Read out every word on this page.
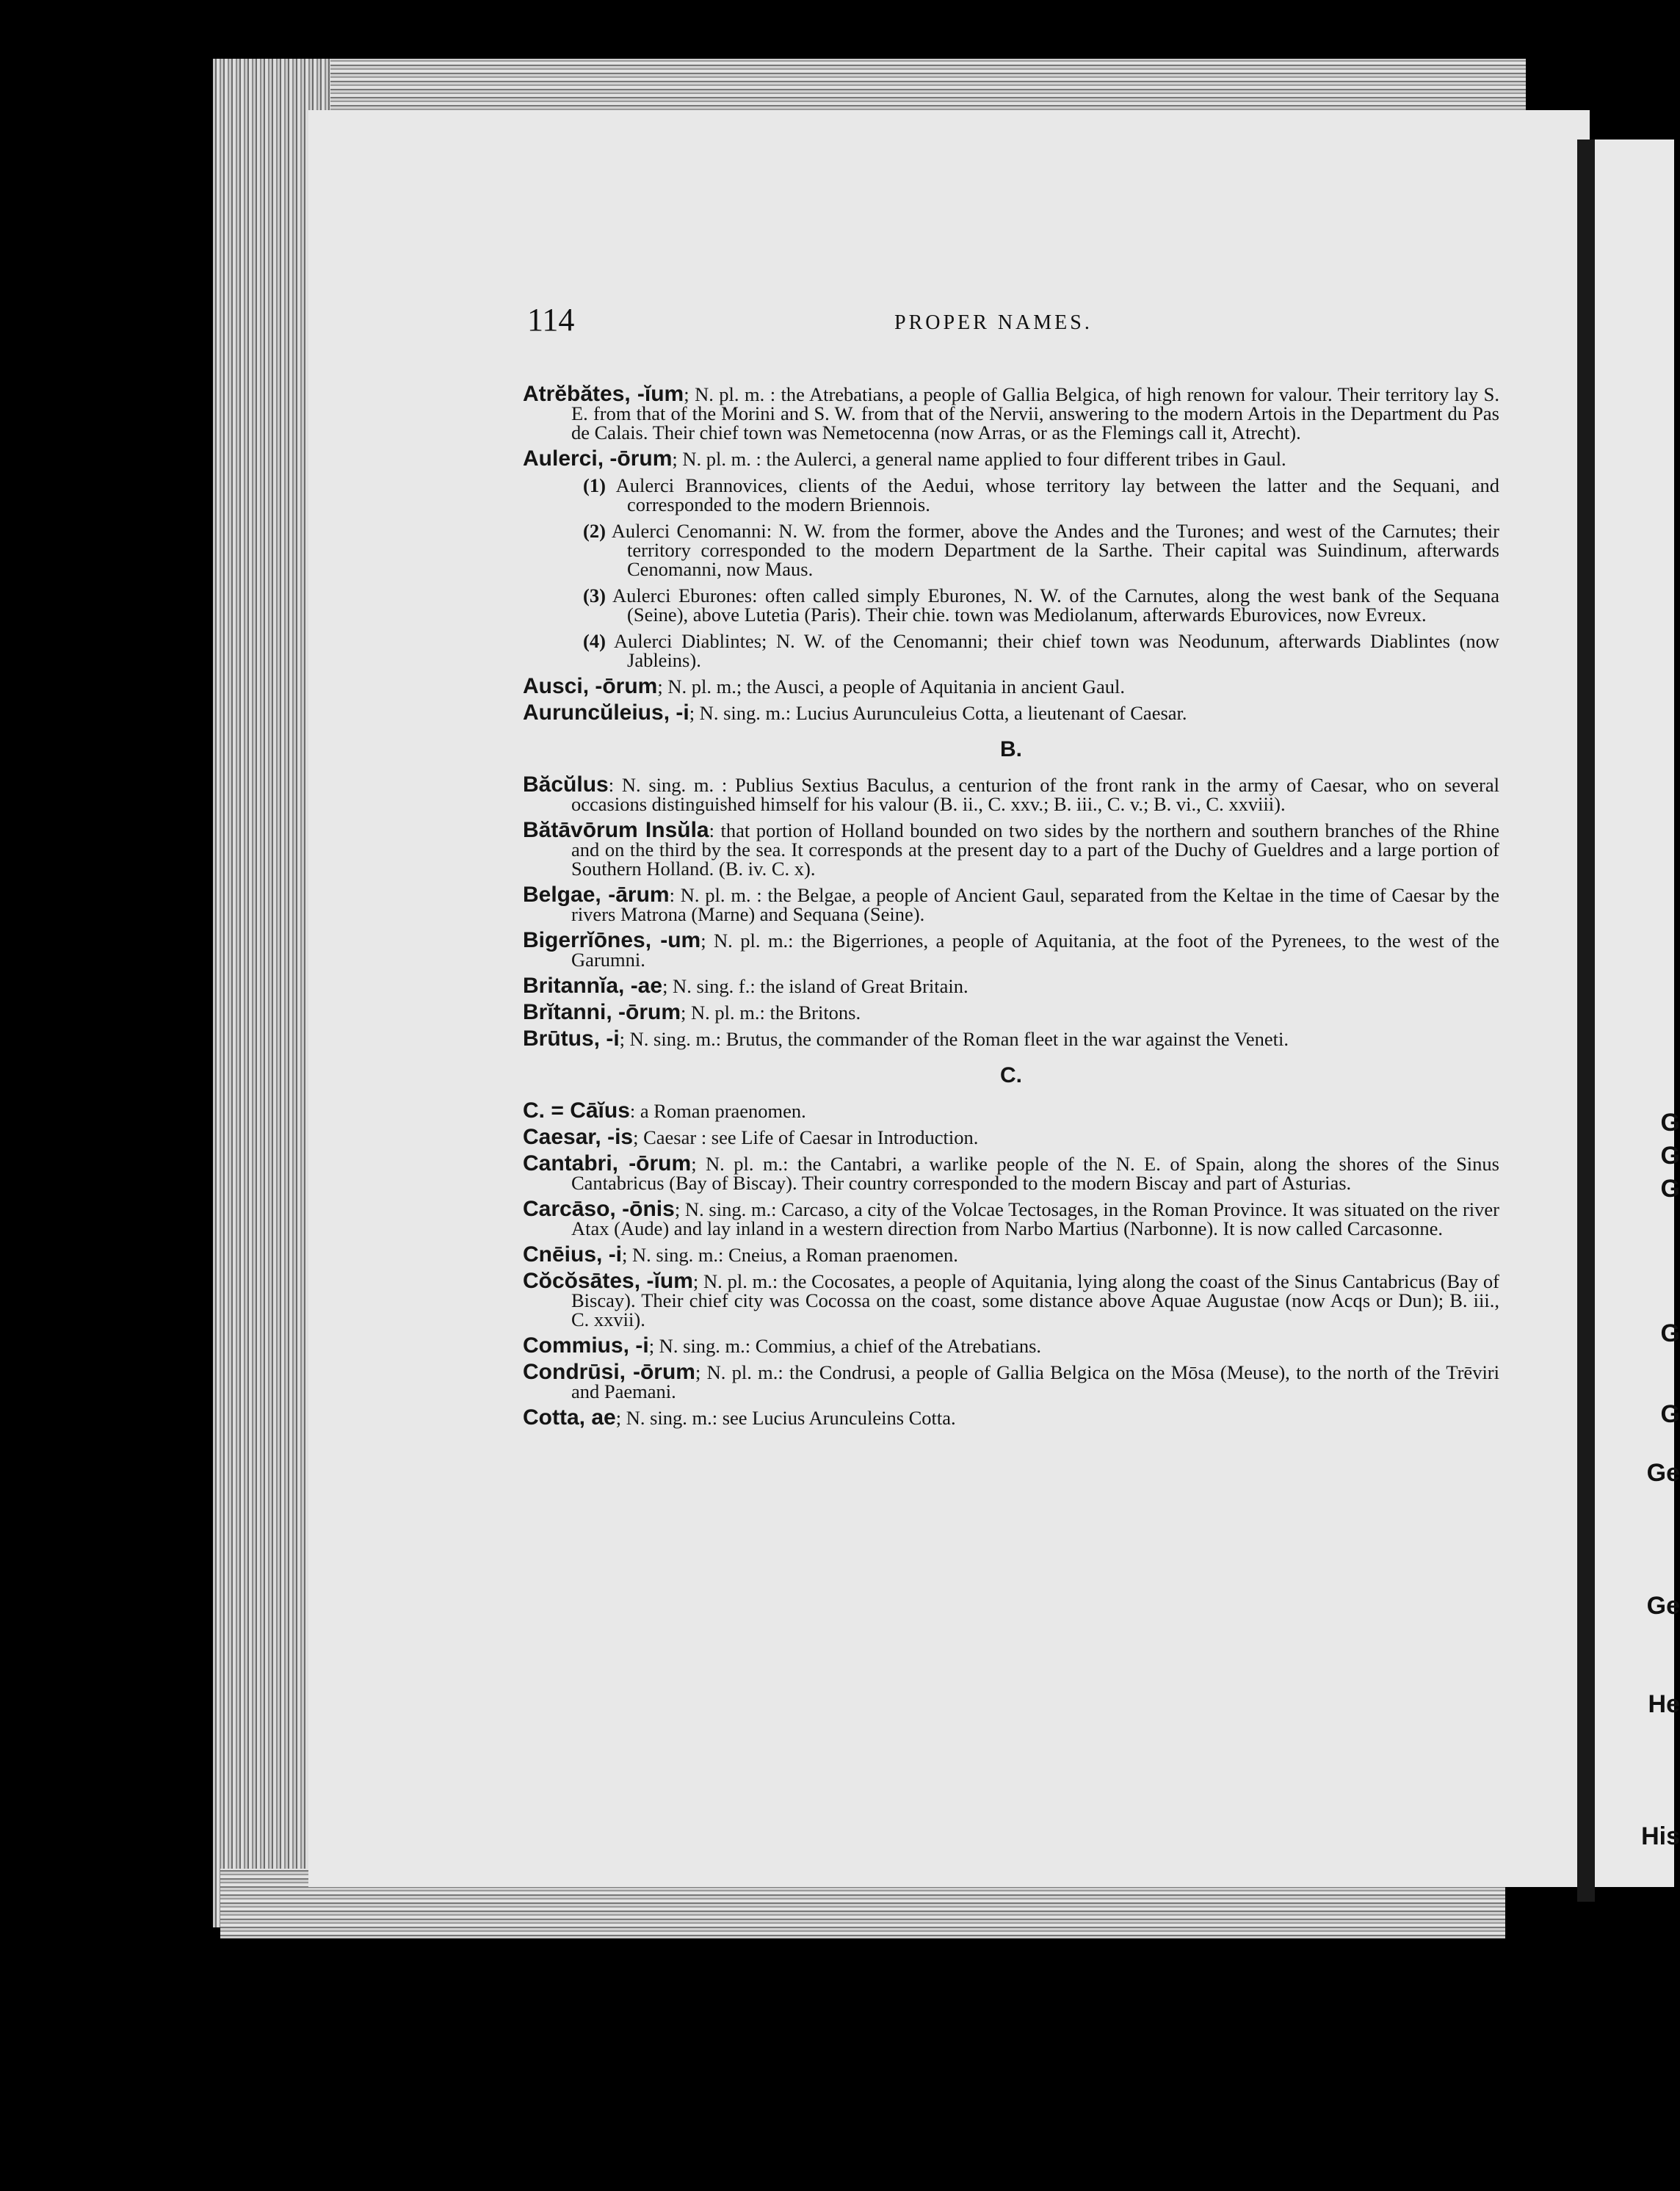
G
G
G
G
G
Ge
Ge
He
His
114	PROPER NAMES.
Atrĕbătes, -ĭum; N. pl. m. : the Atrebatians, a people of Gallia Belgica, of high renown for valour. Their territory lay S. E. from that of the Morini and S. W. from that of the Nervii, answering to the modern Artois in the Department du Pas de Calais. Their chief town was Nemetocenna (now Arras, or as the Flemings call it, Atrecht).
Aulerci, -ōrum; N. pl. m. : the Aulerci, a general name applied to four different tribes in Gaul.
(1) Aulerci Brannovices, clients of the Aedui, whose territory lay between the latter and the Sequani, and corresponded to the modern Briennois.
(2) Aulerci Cenomanni: N. W. from the former, above the Andes and the Turones; and west of the Carnutes; their territory corresponded to the modern Department de la Sarthe. Their capital was Suindinum, afterwards Cenomanni, now Maus.
(3) Aulerci Eburones: often called simply Eburones, N. W. of the Carnutes, along the west bank of the Sequana (Seine), above Lutetia (Paris). Their chie. town was Mediolanum, afterwards Eburovices, now Evreux.
(4) Aulerci Diablintes; N. W. of the Cenomanni; their chief town was Neodunum, afterwards Diablintes (now Jableins).
Ausci, -ōrum; N. pl. m.; the Ausci, a people of Aquitania in ancient Gaul.
Auruncŭleius, -i; N. sing. m.: Lucius Aurunculeius Cotta, a lieutenant of Caesar.
B.
Băcŭlus: N. sing. m. : Publius Sextius Baculus, a centurion of the front rank in the army of Caesar, who on several occasions distinguished himself for his valour (B. ii., C. xxv.; B. iii., C. v.; B. vi., C. xxviii).
Bătāvōrum Insŭla: that portion of Holland bounded on two sides by the northern and southern branches of the Rhine and on the third by the sea. It corresponds at the present day to a part of the Duchy of Gueldres and a large portion of Southern Holland. (B. iv. C. x).
Belgae, -ārum: N. pl. m. : the Belgae, a people of Ancient Gaul, separated from the Keltae in the time of Caesar by the rivers Matrona (Marne) and Sequana (Seine).
Bigerrĭōnes, -um; N. pl. m.: the Bigerriones, a people of Aquitania, at the foot of the Pyrenees, to the west of the Garumni.
Britannĭa, -ae; N. sing. f.: the island of Great Britain.
Brĭtanni, -ōrum; N. pl. m.: the Britons.
Brūtus, -i; N. sing. m.: Brutus, the commander of the Roman fleet in the war against the Veneti.
C.
C. = Cāĭus: a Roman praenomen.
Caesar, -is; Caesar : see Life of Caesar in Introduction.
Cantabri, -ōrum; N. pl. m.: the Cantabri, a warlike people of the N. E. of Spain, along the shores of the Sinus Cantabricus (Bay of Biscay). Their country corresponded to the modern Biscay and part of Asturias.
Carcāso, -ōnis; N. sing. m.: Carcaso, a city of the Volcae Tectosages, in the Roman Province. It was situated on the river Atax (Aude) and lay inland in a western direction from Narbo Martius (Narbonne). It is now called Carcasonne.
Cnēius, -i; N. sing. m.: Cneius, a Roman praenomen.
Cŏcŏsātes, -ĭum; N. pl. m.: the Cocosates, a people of Aquitania, lying along the coast of the Sinus Cantabricus (Bay of Biscay). Their chief city was Cocossa on the coast, some distance above Aquae Augustae (now Acqs or Dun); B. iii., C. xxvii).
Commius, -i; N. sing. m.: Commius, a chief of the Atrebatians.
Condrūsi, -ōrum; N. pl. m.: the Condrusi, a people of Gallia Belgica on the Mōsa (Meuse), to the north of the Trēviri and Paemani.
Cotta, ae; N. sing. m.: see Lucius Arunculeins Cotta.
